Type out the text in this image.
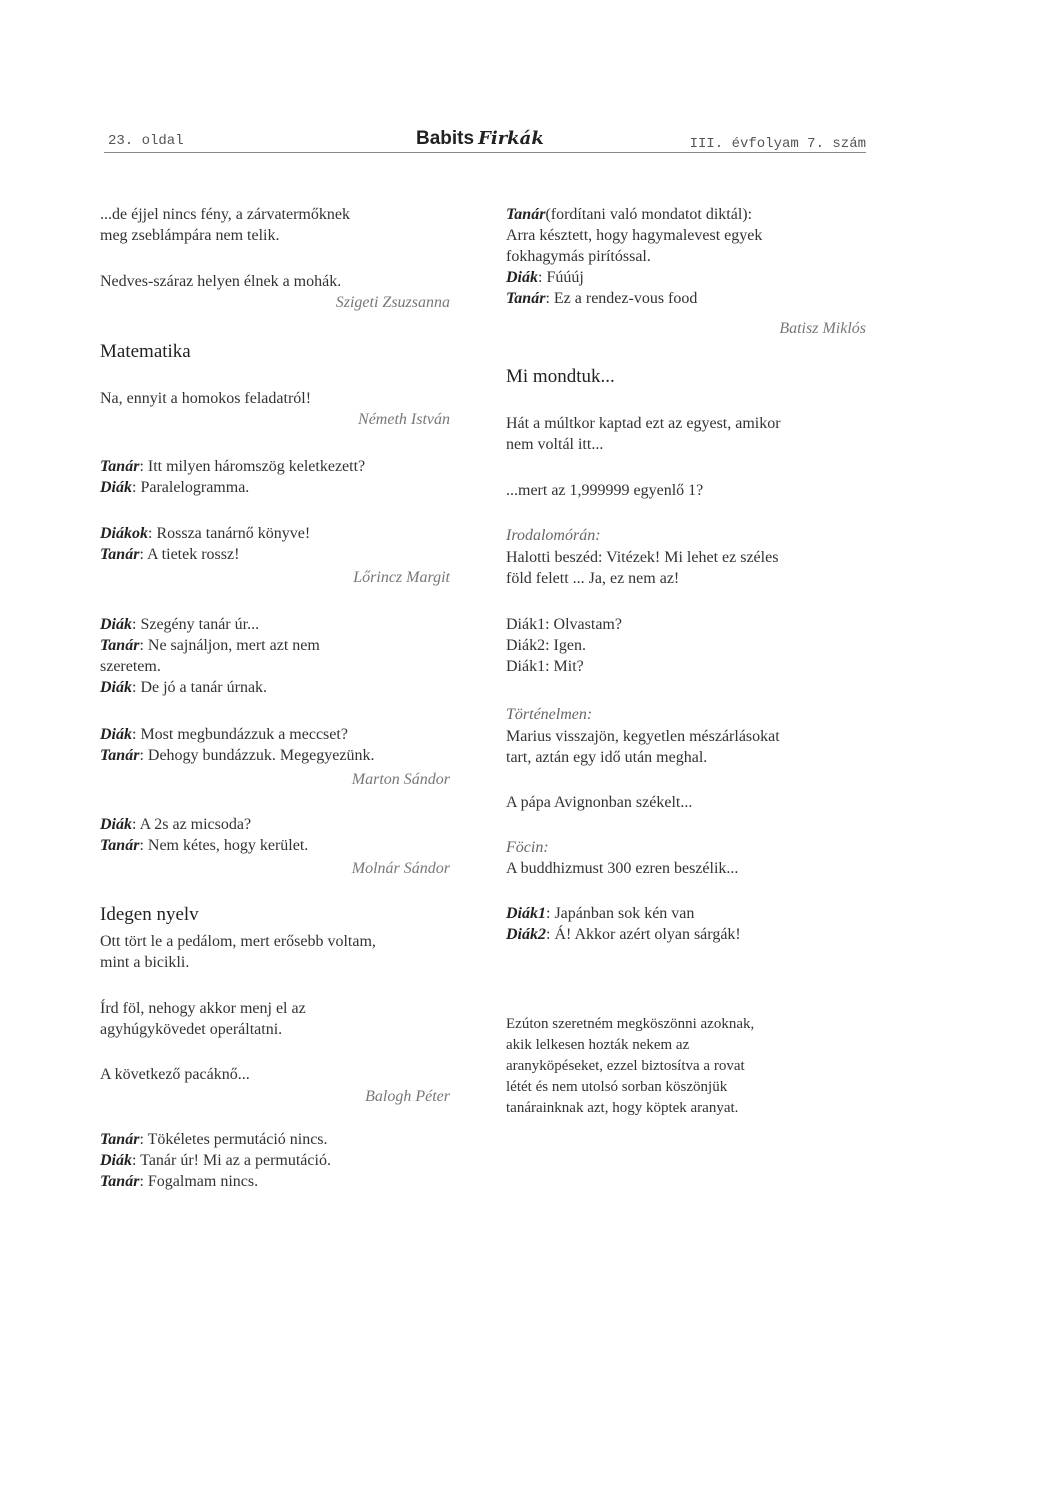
23. oldal	Babits Firkák	III. évfolyam 7. szám
...de éjjel nincs fény, a zárvatermőknek
meg zseblámpára nem telik.
Nedves-száraz helyen élnek a mohák.
Szigeti Zsuzsanna
Matematika
Na, ennyit a homokos feladatról!
Németh István
Tanár: Itt milyen háromszög keletkezett?
Diák: Paralelogramma.
Diákok: Rossza tanárnő könyve!
Tanár: A tietek rossz!
Lőrincz Margit
Diák: Szegény tanár úr...
Tanár: Ne sajnáljon, mert azt nem
szeretem.
Diák: De jó a tanár úrnak.
Diák: Most megbundázzuk a meccset?
Tanár: Dehogy bundázzuk. Megegyezünk.
Marton Sándor
Diák: A 2s az micsoda?
Tanár: Nem kétes, hogy kerület.
Molnár Sándor
Idegen nyelv
Ott tört le a pedálom, mert erősebb voltam,
mint a bicikli.
Írd föl, nehogy akkor menj el az
agyhúgykövedet operáltatni.
A következő pacáknő...
Balogh Péter
Tanár: Tökéletes permutáció nincs.
Diák: Tanár úr! Mi az a permutáció.
Tanár: Fogalmam nincs.
Tanár(fordítani való mondatot diktál):
Arra késztett, hogy hagymalevest egyek
fokhagymás pirítóssal.
Diák: Fúúúj
Tanár: Ez a rendez-vous food
Batisz Miklós
Mi mondtuk...
Hát a múltkor kaptad ezt az egyest, amikor
nem voltál itt...
...mert az 1,999999 egyenlő 1?
Irodalomórán:
Halotti beszéd: Vitézek! Mi lehet ez széles
föld felett ... Ja, ez nem az!
Diák1: Olvastam?
Diák2: Igen.
Diák1: Mit?
Történelmen:
Marius visszajön, kegyetlen mészárlásokat
tart, aztán egy idő után meghal.
A pápa Avignonban székelt...
Föcin:
A buddhizmust 300 ezren beszélik...
Diák1: Japánban sok kén van
Diák2: Á! Akkor azért olyan sárgák!
Ezúton szeretném megköszönni azoknak,
akik lelkesen hozták nekem az
aranyköpéseket, ezzel biztosítva a rovat
létét és nem utolsó sorban köszönjük
tanárainknak azt, hogy köptek aranyat.
